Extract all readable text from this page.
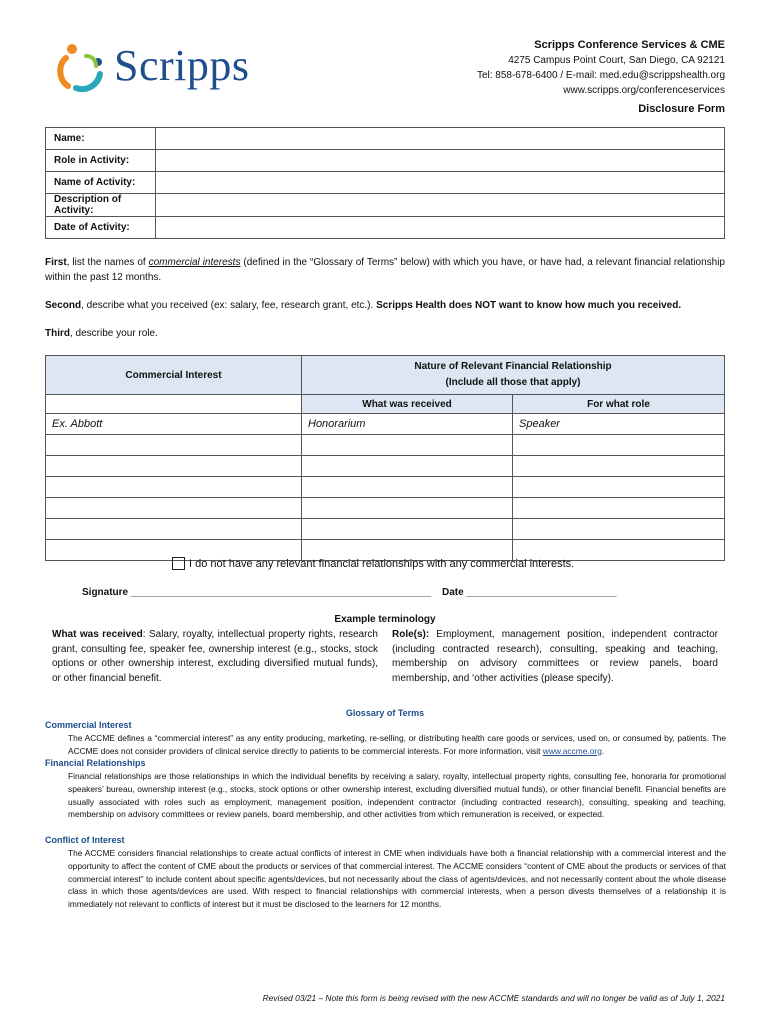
Scripps	Scripps Conference Services & CME
4275 Campus Point Court, San Diego, CA 92121
Tel: 858-678-6400 / E-mail: med.edu@scrippshealth.org
www.scripps.org/conferenceservices
Disclosure Form
Name:	
Role in Activity:	
Name of Activity:	
Description of Activity:	
Date of Activity:	
First, list the names of commercial interests (defined in the “Glossary of Terms” below) with which you have, or have had, a relevant financial relationship within the past 12 months.
Second, describe what you received (ex: salary, fee, research grant, etc.). Scripps Health does NOT want to know how much you received.
Third, describe your role.
Commercial Interest	Nature of Relevant Financial Relationship
(Include all those that apply)	

	What was received	For what role
Ex. Abbott	Honorarium	Speaker

I do not have any relevant financial relationships with any commercial interests.
Signature ______________________________________________________ Date ___________________________
Example terminology
What was received: Salary, royalty, intellectual property rights, research grant, consulting fee, speaker fee, ownership interest (e.g., stocks, stock options or other ownership interest, excluding diversified mutual funds), or other financial benefit.
Role(s): Employment, management position, independent contractor (including contracted research), consulting, speaking and teaching, membership on advisory committees or review panels, board membership, and ‘other activities (please specify).
Glossary of Terms
Commercial Interest
The ACCME defines a “commercial interest” as any entity producing, marketing, re-selling, or distributing health care goods or services, used on, or consumed by, patients. The ACCME does not consider providers of clinical service directly to patients to be commercial interests. For more information, visit www.accme.org.
Financial Relationships
Financial relationships are those relationships in which the individual benefits by receiving a salary, royalty, intellectual property rights, consulting fee, honoraria for promotional speakers’ bureau, ownership interest (e.g., stocks, stock options or other ownership interest, excluding diversified mutual funds), or other financial benefit. Financial benefits are usually associated with roles such as employment, management position, independent contractor (including contracted research), consulting, speaking and teaching, membership on advisory committees or review panels, board membership, and other activities from which remuneration is received, or expected.
Conflict of Interest
The ACCME considers financial relationships to create actual conflicts of interest in CME when individuals have both a financial relationship with a commercial interest and the opportunity to affect the content of CME about the products or services of that commercial interest. The ACCME considers “content of CME about the products or services of that commercial interest” to include content about specific agents/devices, but not necessarily about the class of agents/devices, and not necessarily content about the whole disease class in which those agents/devices are used. With respect to financial relationships with commercial interests, when a person divests themselves of a relationship it is immediately not relevant to conflicts of interest but it must be disclosed to the learners for 12 months.
Revised 03/21 – Note this form is being revised with the new ACCME standards and will no longer be valid as of July 1, 2021
